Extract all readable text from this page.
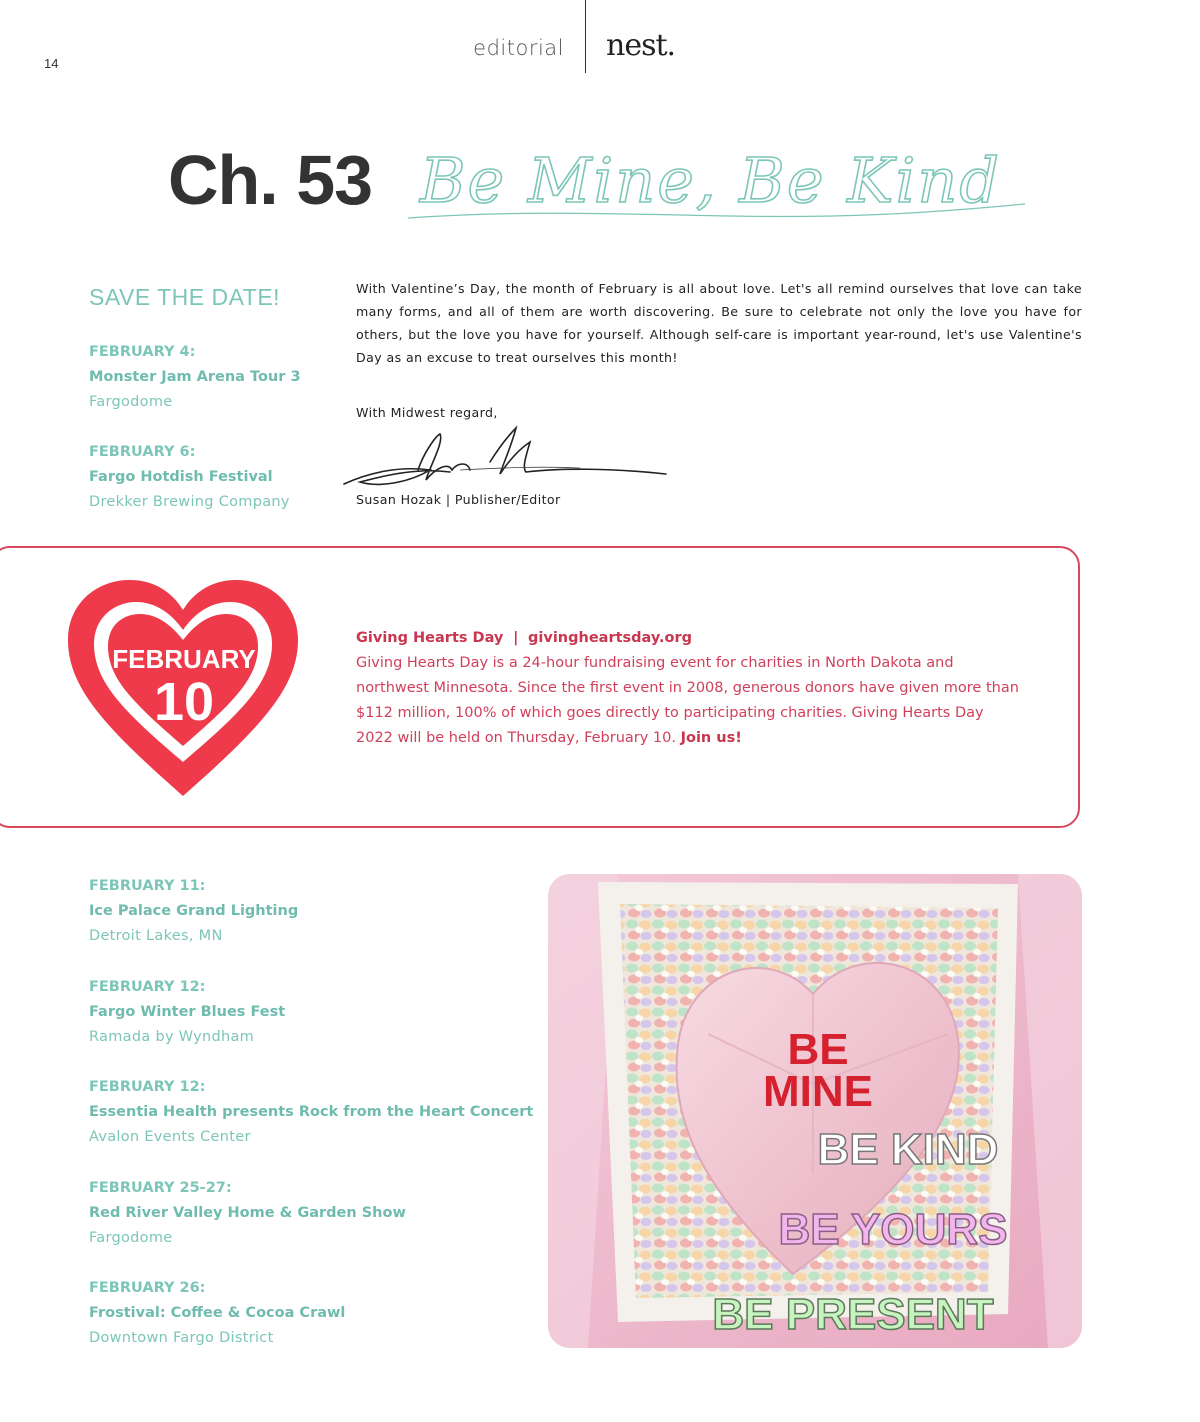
14
editorial nest.
Ch. 53 Be Mine, Be Kind
SAVE THE DATE!
FEBRUARY 4:
Monster Jam Arena Tour 3
Fargodome
FEBRUARY 6:
Fargo Hotdish Festival
Drekker Brewing Company
With Valentine’s Day, the month of February is all about love. Let's all remind ourselves that love can take many forms, and all of them are worth discovering. Be sure to celebrate not only the love you have for others, but the love you have for yourself. Although self-care is important year-round, let's use Valentine's Day as an excuse to treat ourselves this month!
With Midwest regard,
Susan Hozak | Publisher/Editor
FEBRUARY
10
Giving Hearts Day | givingheartsday.org
Giving Hearts Day is a 24-hour fundraising event for charities in North Dakota and northwest Minnesota. Since the first event in 2008, generous donors have given more than $112 million, 100% of which goes directly to participating charities. Giving Hearts Day 2022 will be held on Thursday, February 10. Join us!
FEBRUARY 11:
Ice Palace Grand Lighting
Detroit Lakes, MN
FEBRUARY 12:
Fargo Winter Blues Fest
Ramada by Wyndham
FEBRUARY 12:
Essentia Health presents Rock from the Heart Concert
Avalon Events Center
FEBRUARY 25-27:
Red River Valley Home & Garden Show
Fargodome
FEBRUARY 26:
Frostival: Coffee & Cocoa Crawl
Downtown Fargo District
BE
MINE
BE KIND
BE YOURS
BE PRESENT
